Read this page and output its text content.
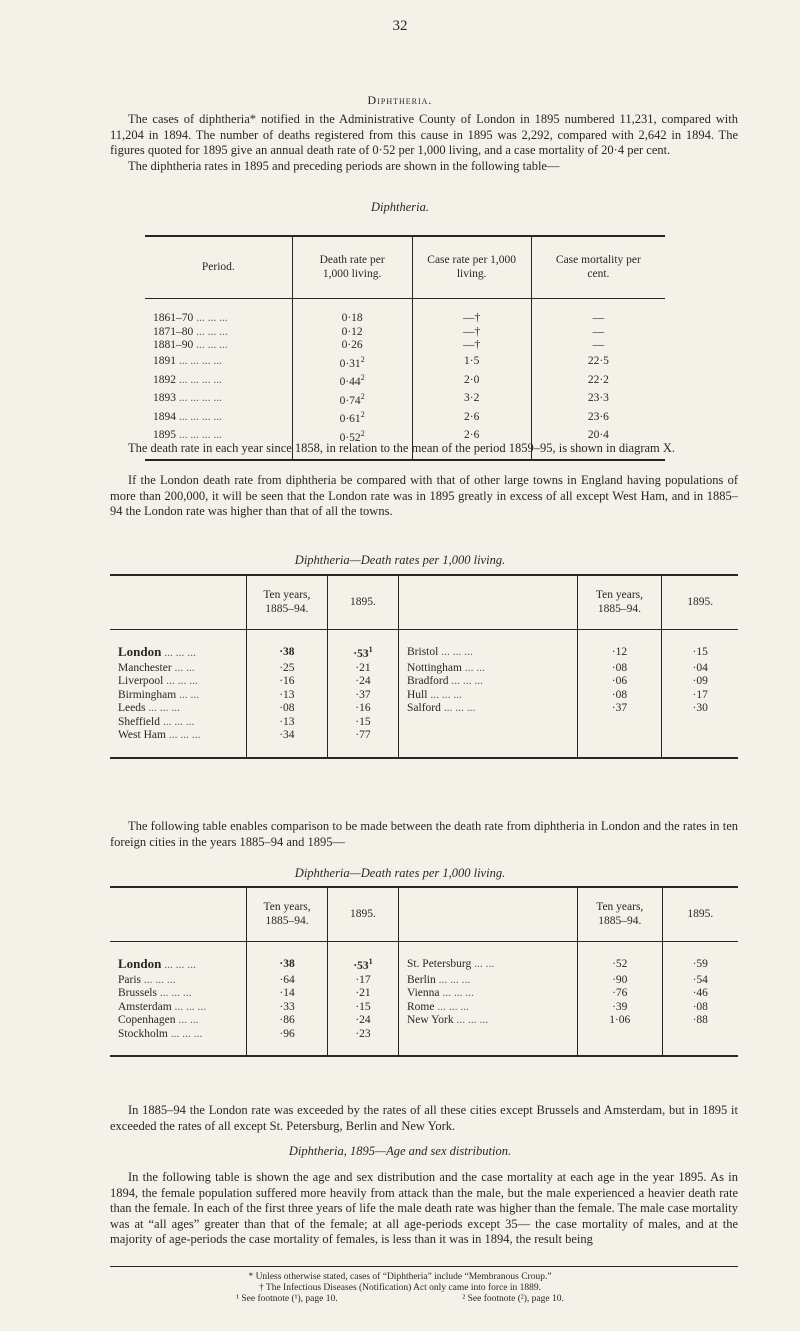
32
Diphtheria.

The cases of diphtheria* notified in the Administrative County of London in 1895 numbered 11,231, compared with 11,204 in 1894. The number of deaths registered from this cause in 1895 was 2,292, compared with 2,642 in 1894. The figures quoted for 1895 give an annual death rate of 0·52 per 1,000 living, and a case mortality of 20·4 per cent.

The diphtheria rates in 1895 and preceding periods are shown in the following table—

Diphtheria.
Period.	Death rate per 1,000 living.	Case rate per 1,000 living.	Case mortality per cent.

1861–70 ... ... ...	0·18	—†	—
1871–80 ... ... ...	0·12	—†	—
1881–90 ... ... ...	0·26	—†	—
1891 ... ... ... ...	$0\cdot 31^2$	1·5	22·5
1892 ... ... ... ...	$0\cdot 44^2$	2·0	22·2
1893 ... ... ... ...	$0\cdot 74^2$	3·2	23·3
1894 ... ... ... ...	$0\cdot 61^2$	2·6	23·6
1895 ... ... ... ...	$0\cdot 52^2$	2·6	20·4

The death rate in each year since 1858, in relation to the mean of the period 1859–95, is shown in diagram X.

If the London death rate from diphtheria be compared with that of other large towns in England having populations of more than 200,000, it will be seen that the London rate was in 1895 greatly in excess of all except West Ham, and in 1885–94 the London rate was higher than that of all the towns.

Diphtheria—Death rates per 1,000 living.
	Ten years, 1885–94.	1895.		Ten years, 1885–94.	1895.

London ... ... ...	·38	$\cdot 53^1$	Bristol ... ... ...	·12	·15
Manchester ... ...	·25	·21	Nottingham ... ...	·08	·04
Liverpool ... ... ...	·16	·24	Bradford ... ... ...	·06	·09
Birmingham ... ...	·13	·37	Hull ... ... ...	·08	·17
Leeds ... ... ...	·08	·16	Salford ... ... ...	·37	·30
Sheffield ... ... ...	·13	·15			
West Ham ... ... ...	·34	·77			

The following table enables comparison to be made between the death rate from diphtheria in London and the rates in ten foreign cities in the years 1885–94 and 1895—

Diphtheria—Death rates per 1,000 living.
	Ten years, 1885–94.	1895.		Ten years, 1885–94.	1895.

London ... ... ...	·38	$\cdot 53^1$	St. Petersburg ... ...	·52	·59
Paris ... ... ...	·64	·17	Berlin ... ... ...	·90	·54
Brussels ... ... ...	·14	·21	Vienna ... ... ...	·76	·46
Amsterdam ... ... ...	·33	·15	Rome ... ... ...	·39	·08
Copenhagen ... ...	·86	·24	New York ... ... ...	1·06	·88
Stockholm ... ... ...	·96	·23			

In 1885–94 the London rate was exceeded by the rates of all these cities except Brussels and Amsterdam, but in 1895 it exceeded the rates of all except St. Petersburg, Berlin and New York.

Diphtheria, 1895—Age and sex distribution.

In the following table is shown the age and sex distribution and the case mortality at each age in the year 1895. As in 1894, the female population suffered more heavily from attack than the male, but the male experienced a heavier death rate than the female. In each of the first three years of life the male death rate was higher than the female. The male case mortality was at “all ages” greater than that of the female; at all age-periods except 35— the case mortality of males, and at the majority of age-periods the case mortality of females, is less than it was in 1894, the result being

* Unless otherwise stated, cases of “Diphtheria” include “Membranous Croup.”
† The Infectious Diseases (Notification) Act only came into force in 1889.
¹ See footnote (¹), page 10.	² See footnote (²), page 10.
